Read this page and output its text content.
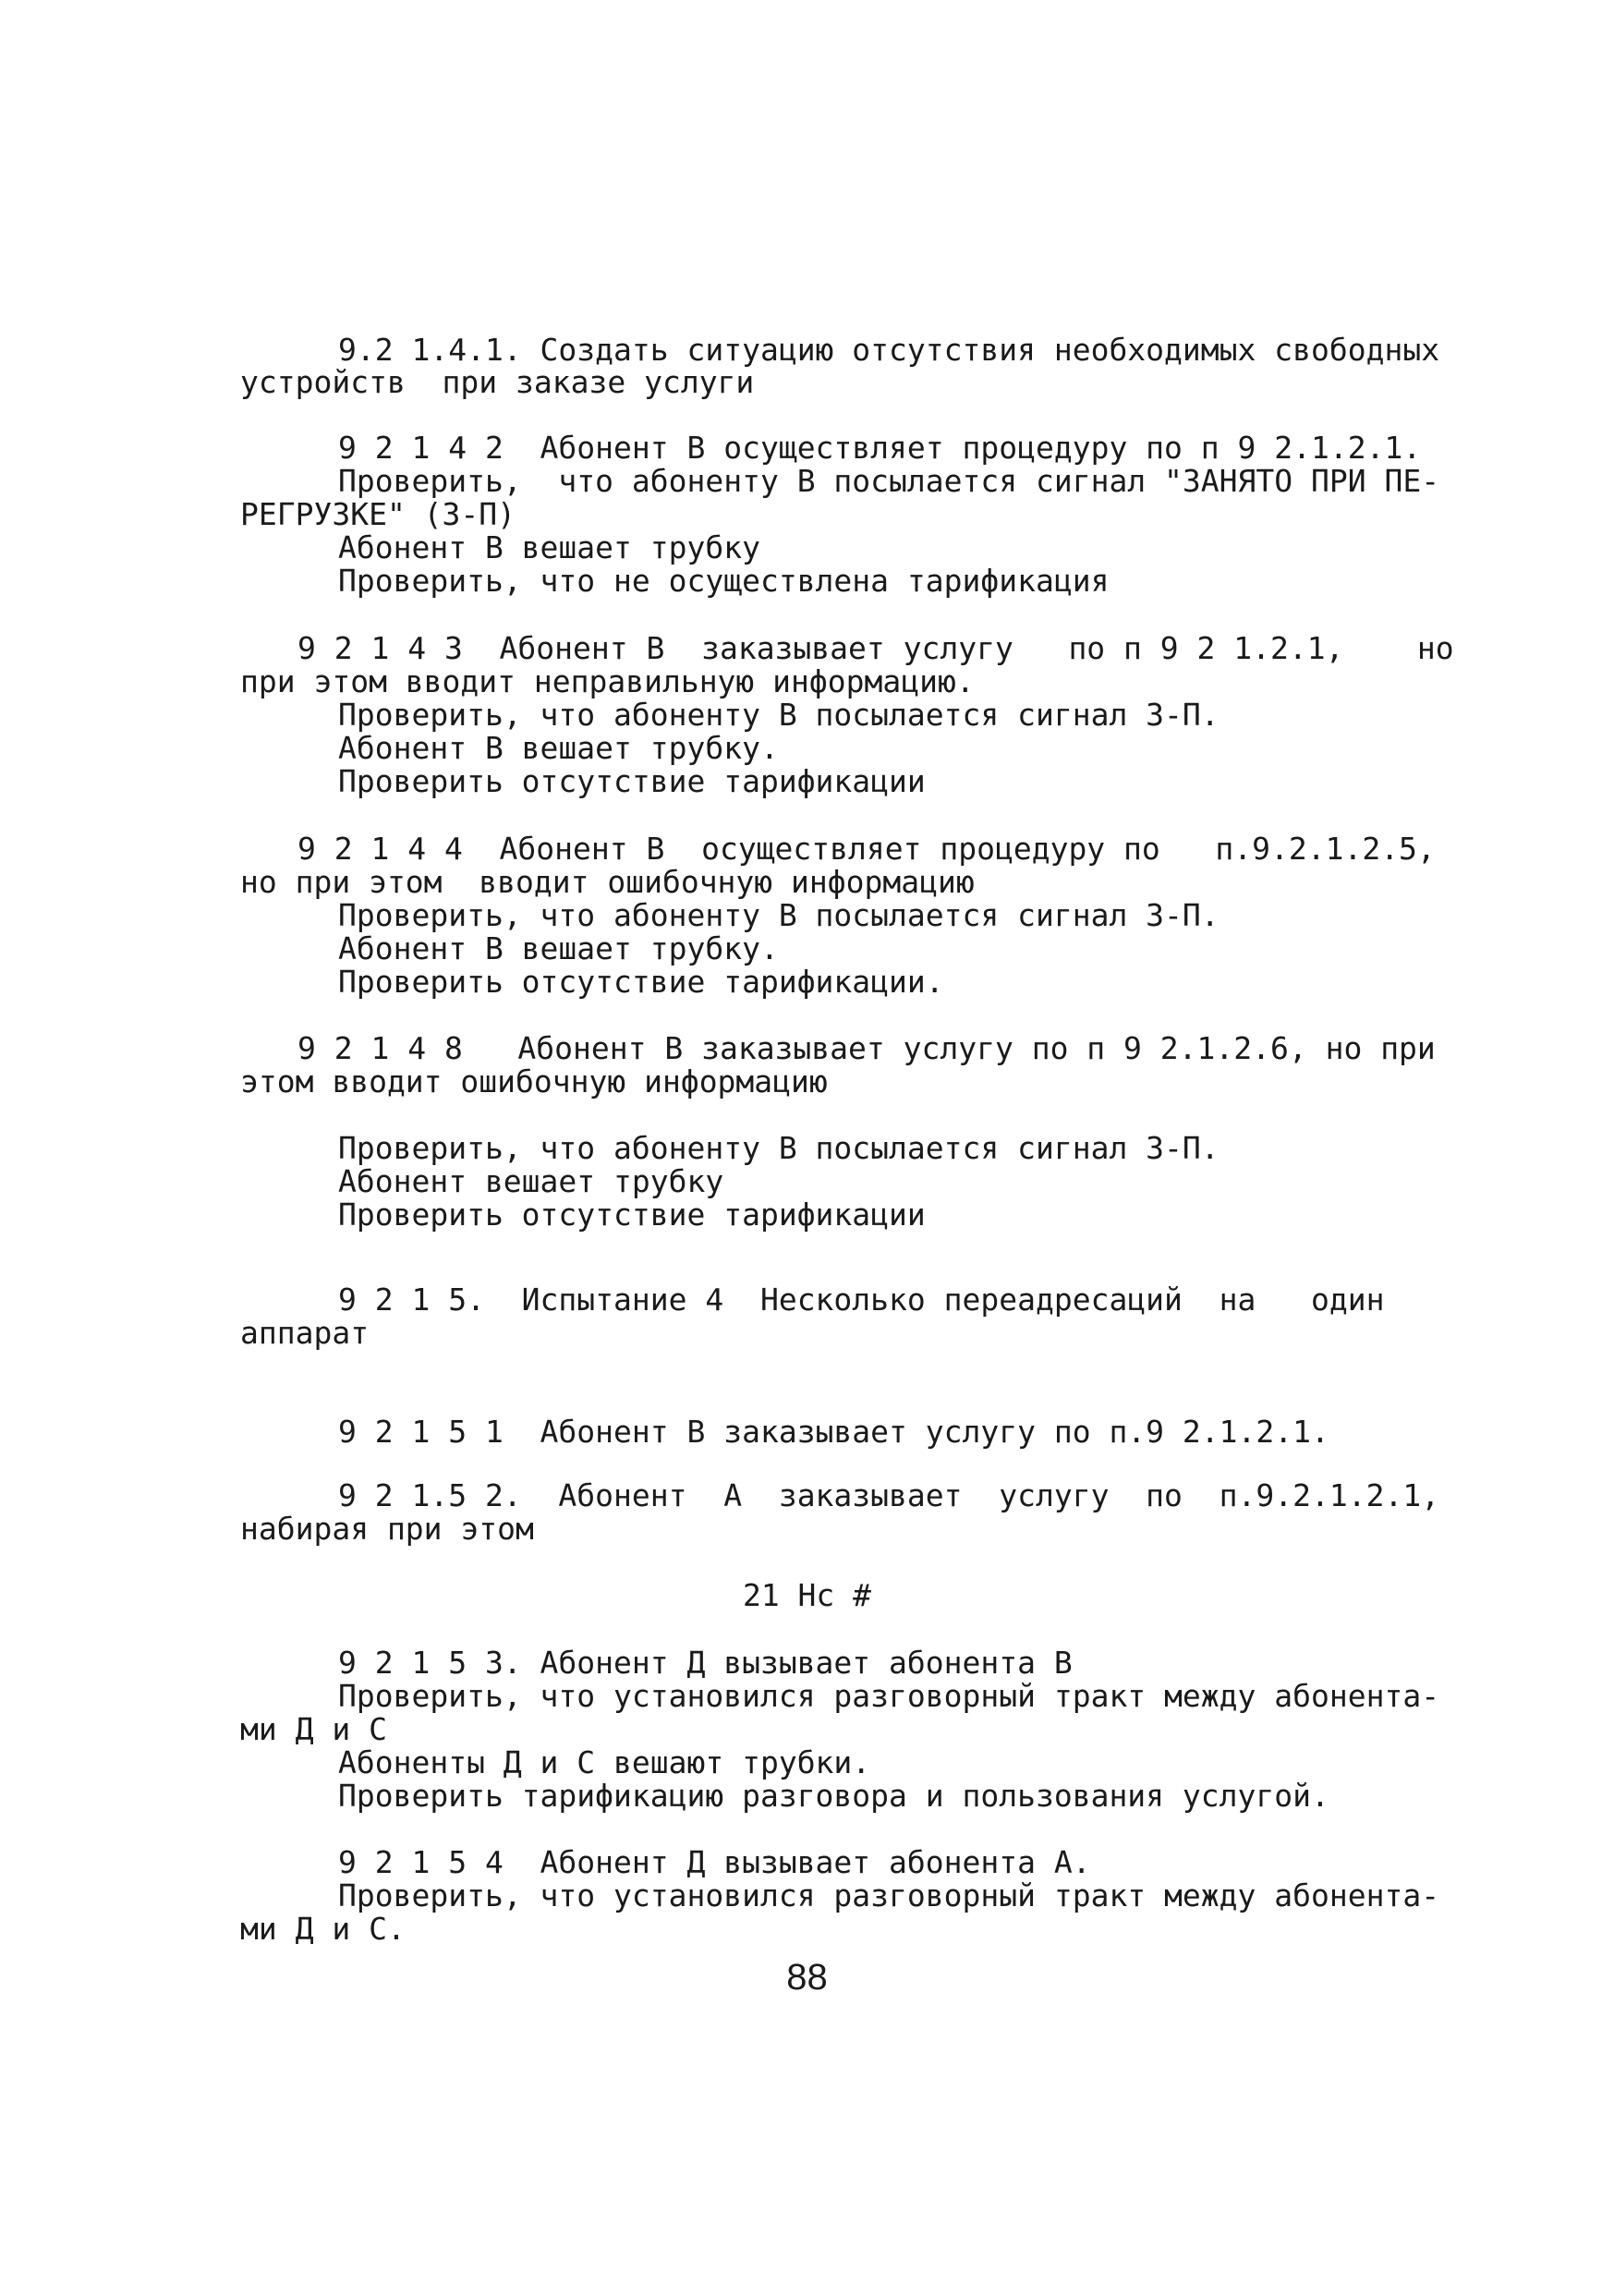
9.2 1.4.1. Создать ситуацию отсутствия необходимых свободных
устройств  при заказе услуги
9 2 1 4 2  Абонент В осуществляет процедуру по п 9 2.1.2.1.
Проверить,  что абоненту В посылается сигнал "ЗАНЯТО ПРИ ПЕ-
РЕГРУЗКЕ" (3-П)
Абонент В вешает трубку
Проверить, что не осуществлена тарификация
9 2 1 4 3  Абонент В  заказывает услугу   по п 9 2 1.2.1,    но
при этом вводит неправильную информацию.
Проверить, что абоненту В посылается сигнал 3-П.
Абонент В вешает трубку.
Проверить отсутствие тарификации
9 2 1 4 4  Абонент В  осуществляет процедуру по   п.9.2.1.2.5,
но при этом  вводит ошибочную информацию
Проверить, что абоненту В посылается сигнал 3-П.
Абонент В вешает трубку.
Проверить отсутствие тарификации.
9 2 1 4 8   Абонент В заказывает услугу по п 9 2.1.2.6, но при
этом вводит ошибочную информацию
Проверить, что абоненту В посылается сигнал 3-П.
Абонент вешает трубку
Проверить отсутствие тарификации
9 2 1 5.  Испытание 4  Несколько переадресаций  на   один
аппарат
9 2 1 5 1  Абонент В заказывает услугу по п.9 2.1.2.1.
9 2 1.5 2.  Абонент  А  заказывает  услугу  по  п.9.2.1.2.1,
набирая при этом
21 Нс #
9 2 1 5 3. Абонент Д вызывает абонента В
Проверить, что установился разговорный тракт между абонента-
ми Д и С
Абоненты Д и С вешают трубки.
Проверить тарификацию разговора и пользования услугой.
9 2 1 5 4  Абонент Д вызывает абонента А.
Проверить, что установился разговорный тракт между абонента-
ми Д и С.
88
